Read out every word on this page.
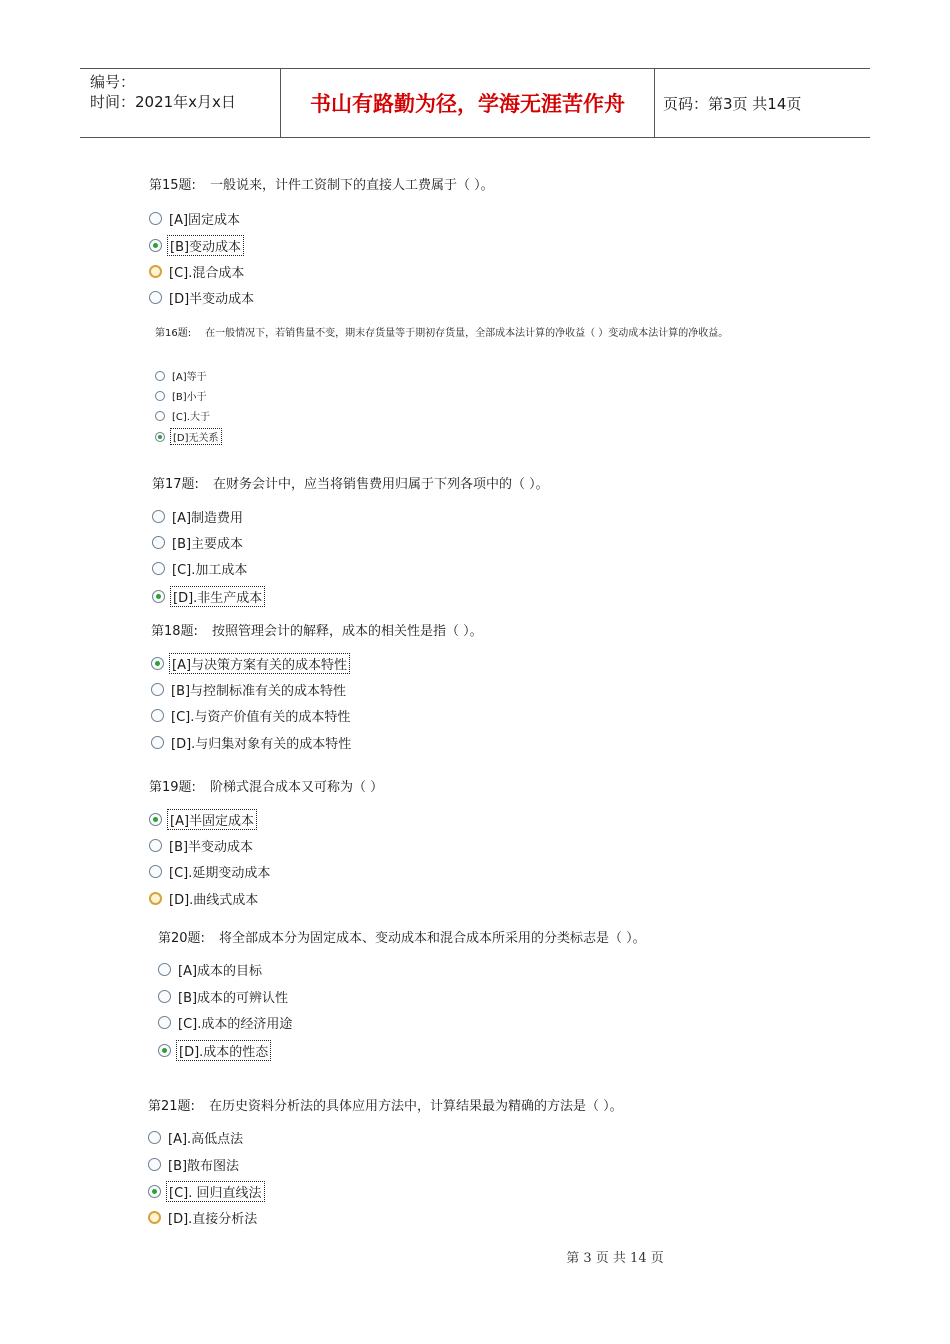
编号：
时间：2021年x月x日	书山有路勤为径，学海无涯苦作舟	页码：第3页 共14页
第15题: 一般说来，计件工资制下的直接人工费属于（ ）。
[A]固定成本
[B]变动成本
[C].混合成本
[D]半变动成本
第16题: 在一般情况下，若销售量不变，期末存货量等于期初存货量，全部成本法计算的净收益（ ）变动成本法计算的净收益。
[A]等于
[B]小于
[C].大于
[D]无关系
第17题: 在财务会计中，应当将销售费用归属于下列各项中的（ ）。
[A]制造费用
[B]主要成本
[C].加工成本
[D].非生产成本
第18题: 按照管理会计的解释，成本的相关性是指（ ）。
[A]与决策方案有关的成本特性
[B]与控制标准有关的成本特性
[C].与资产价值有关的成本特性
[D].与归集对象有关的成本特性
第19题: 阶梯式混合成本又可称为（ ）
[A]半固定成本
[B]半变动成本
[C].延期变动成本
[D].曲线式成本
第20题: 将全部成本分为固定成本、变动成本和混合成本所采用的分类标志是（ ）。
[A]成本的目标
[B]成本的可辨认性
[C].成本的经济用途
[D].成本的性态
第21题: 在历史资料分析法的具体应用方法中，计算结果最为精确的方法是（ ）。
[A].高低点法
[B]散布图法
[C]. 回归直线法
[D].直接分析法
第 3 页 共 14 页
